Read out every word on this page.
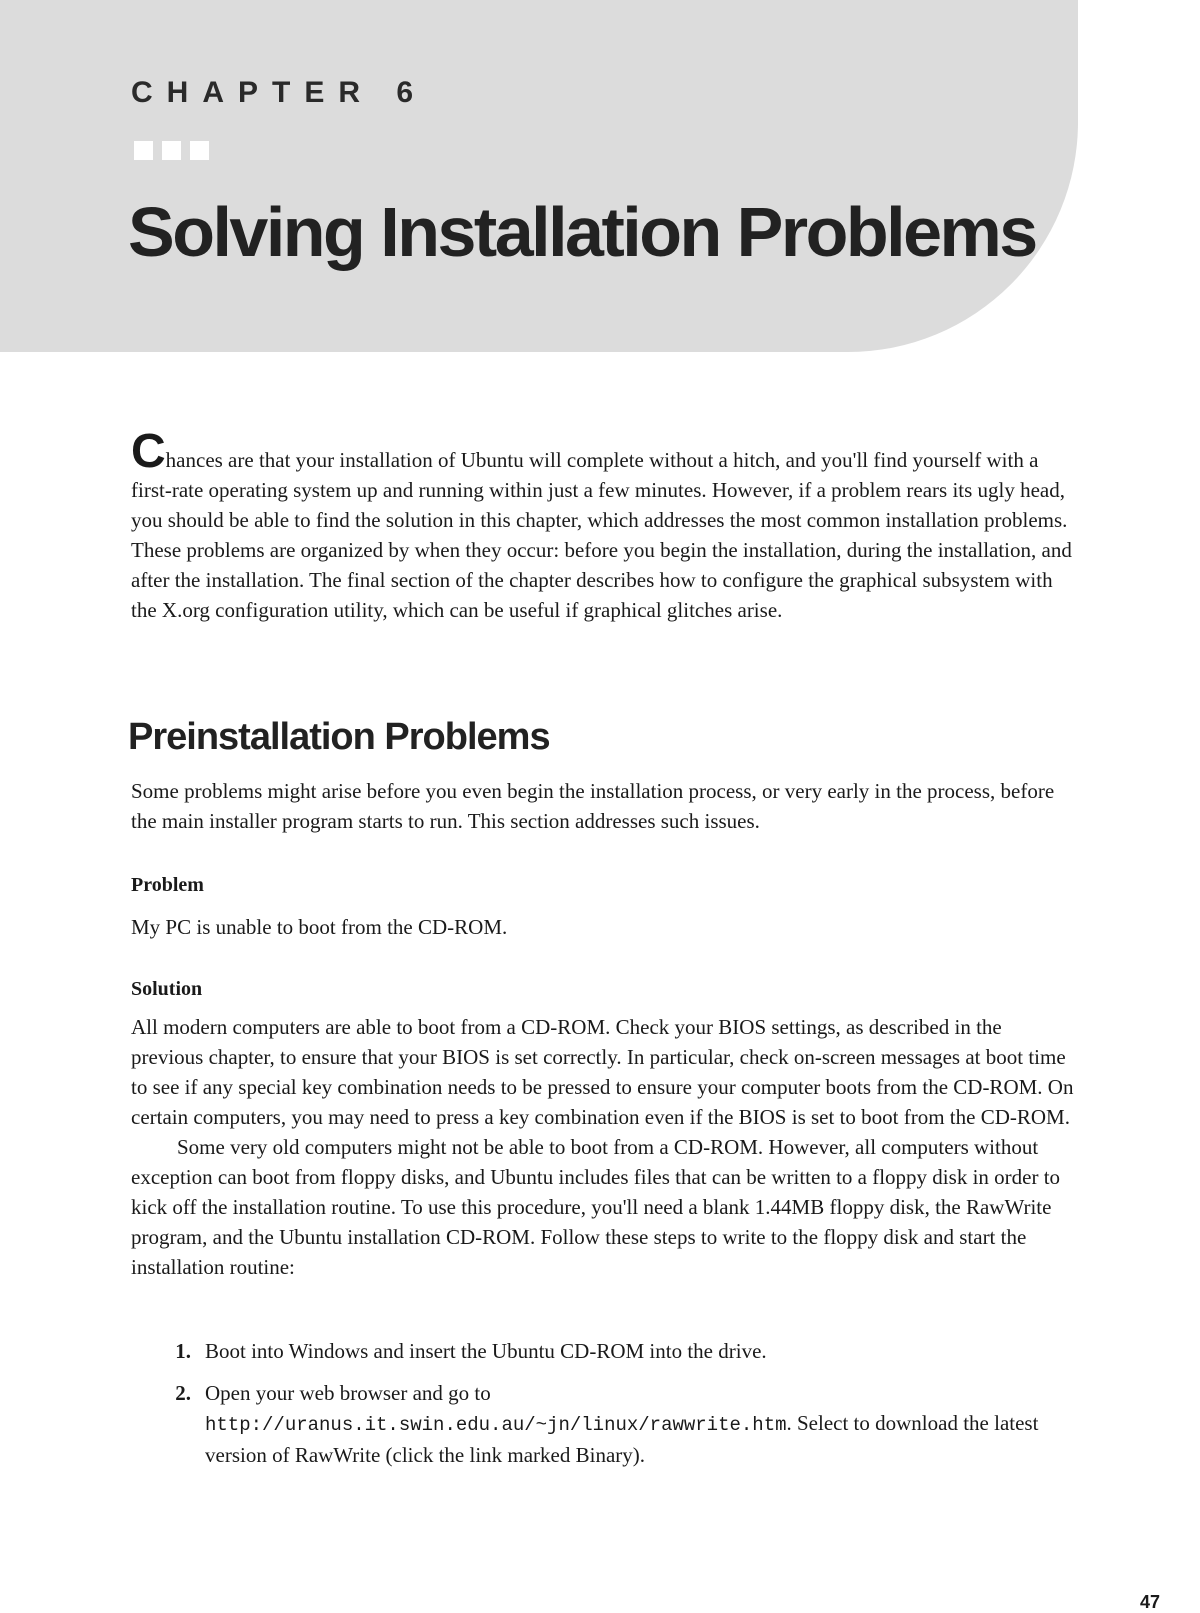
CHAPTER 6
Solving Installation Problems
Chances are that your installation of Ubuntu will complete without a hitch, and you'll find yourself with a first-rate operating system up and running within just a few minutes. However, if a problem rears its ugly head, you should be able to find the solution in this chapter, which addresses the most common installation problems. These problems are organized by when they occur: before you begin the installation, during the installation, and after the installation. The final section of the chapter describes how to configure the graphical subsystem with the X.org configuration utility, which can be useful if graphical glitches arise.
Preinstallation Problems
Some problems might arise before you even begin the installation process, or very early in the process, before the main installer program starts to run. This section addresses such issues.
Problem
My PC is unable to boot from the CD-ROM.
Solution

All modern computers are able to boot from a CD-ROM. Check your BIOS settings, as described in the previous chapter, to ensure that your BIOS is set correctly. In particular, check on-screen messages at boot time to see if any special key combination needs to be pressed to ensure your computer boots from the CD-ROM. On certain computers, you may need to press a key combination even if the BIOS is set to boot from the CD-ROM.

Some very old computers might not be able to boot from a CD-ROM. However, all computers without exception can boot from floppy disks, and Ubuntu includes files that can be written to a floppy disk in order to kick off the installation routine. To use this procedure, you'll need a blank 1.44MB floppy disk, the RawWrite program, and the Ubuntu installation CD-ROM. Follow these steps to write to the floppy disk and start the installation routine:

1. Boot into Windows and insert the Ubuntu CD-ROM into the drive.
2. Open your web browser and go to http://uranus.it.swin.edu.au/~jn/linux/rawwrite.htm. Select to download the latest version of RawWrite (click the link marked Binary).
47
